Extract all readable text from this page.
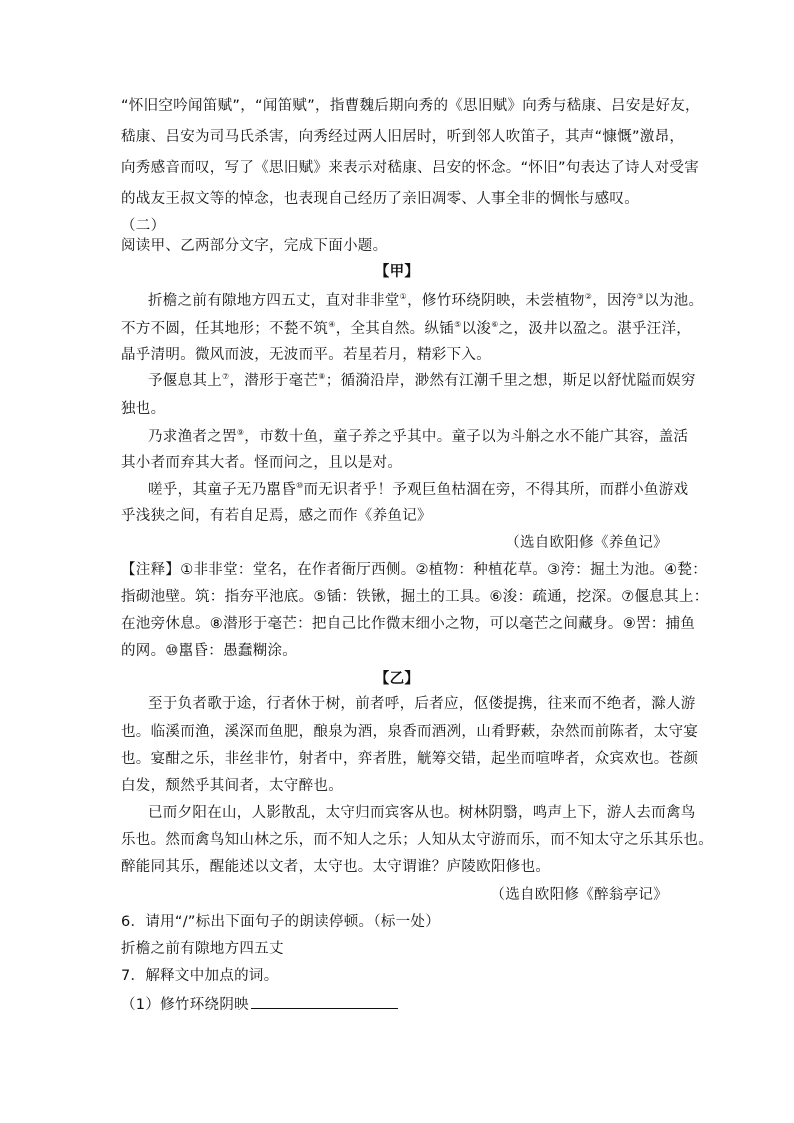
“怀旧空吟闻笛赋”，“闻笛赋”，指曹魏后期向秀的《思旧赋》向秀与嵇康、吕安是好友，
嵇康、吕安为司马氏杀害，向秀经过两人旧居时，听到邻人吹笛子，其声“慷慨”激昂，
向秀感音而叹，写了《思旧赋》来表示对嵇康、吕安的怀念。“怀旧”句表达了诗人对受害
的战友王叔文等的悼念，也表现自己经历了亲旧凋零、人事全非的惆怅与感叹。
（二）
阅读甲、乙两部分文字，完成下面小题。
【甲】
折檐之前有隙地方四五丈，直对非非堂①，修竹环绕阴映，未尝植物②，因洿③以为池。
不方不圆，任其地形；不甃不筑④，全其自然。纵锸⑤以浚⑥之，汲井以盈之。湛乎汪洋，
晶乎清明。微风而波，无波而平。若星若月，精彩下入。
予偃息其上⑦，潜形于毫芒⑧；循漪沿岸，渺然有江潮千里之想，斯足以舒忧隘而娱穷
独也。
乃求渔者之罟⑨，市数十鱼，童子养之乎其中。童子以为斗斛之水不能广其容，盖活
其小者而弃其大者。怪而问之，且以是对。
嗟乎，其童子无乃嚚昏⑩而无识者乎！予观巨鱼枯涸在旁，不得其所，而群小鱼游戏
乎浅狭之间，有若自足焉，感之而作《养鱼记》
（选自欧阳修《养鱼记》
【注释】①非非堂：堂名，在作者衙厅西侧。②植物：种植花草。③洿：掘土为池。④甃：
指砌池壁。筑：指夯平池底。⑤锸：铁锹，掘土的工具。⑥浚：疏通，挖深。⑦偃息其上：
在池旁休息。⑧潜形于毫芒：把自己比作微末细小之物，可以毫芒之间藏身。⑨罟：捕鱼
的网。⑩嚚昏：愚蠢糊涂。
【乙】
至于负者歌于途，行者休于树，前者呼，后者应，伛偻提携，往来而不绝者，滁人游
也。临溪而渔，溪深而鱼肥，酿泉为酒，泉香而酒冽，山肴野蔌，杂然而前陈者，太守宴
也。宴酣之乐，非丝非竹，射者中，弈者胜，觥筹交错，起坐而喧哗者，众宾欢也。苍颜
白发，颓然乎其间者，太守醉也。
已而夕阳在山，人影散乱，太守归而宾客从也。树林阴翳，鸣声上下，游人去而禽鸟
乐也。然而禽鸟知山林之乐，而不知人之乐；人知从太守游而乐，而不知太守之乐其乐也。
醉能同其乐，醒能述以文者，太守也。太守谓谁？庐陵欧阳修也。
（选自欧阳修《醉翁亭记》
6．请用“/”标出下面句子的朗读停顿。（标一处）
折檐之前有隙地方四五丈
7．解释文中加点的词。
（1）修竹环绕阴映
